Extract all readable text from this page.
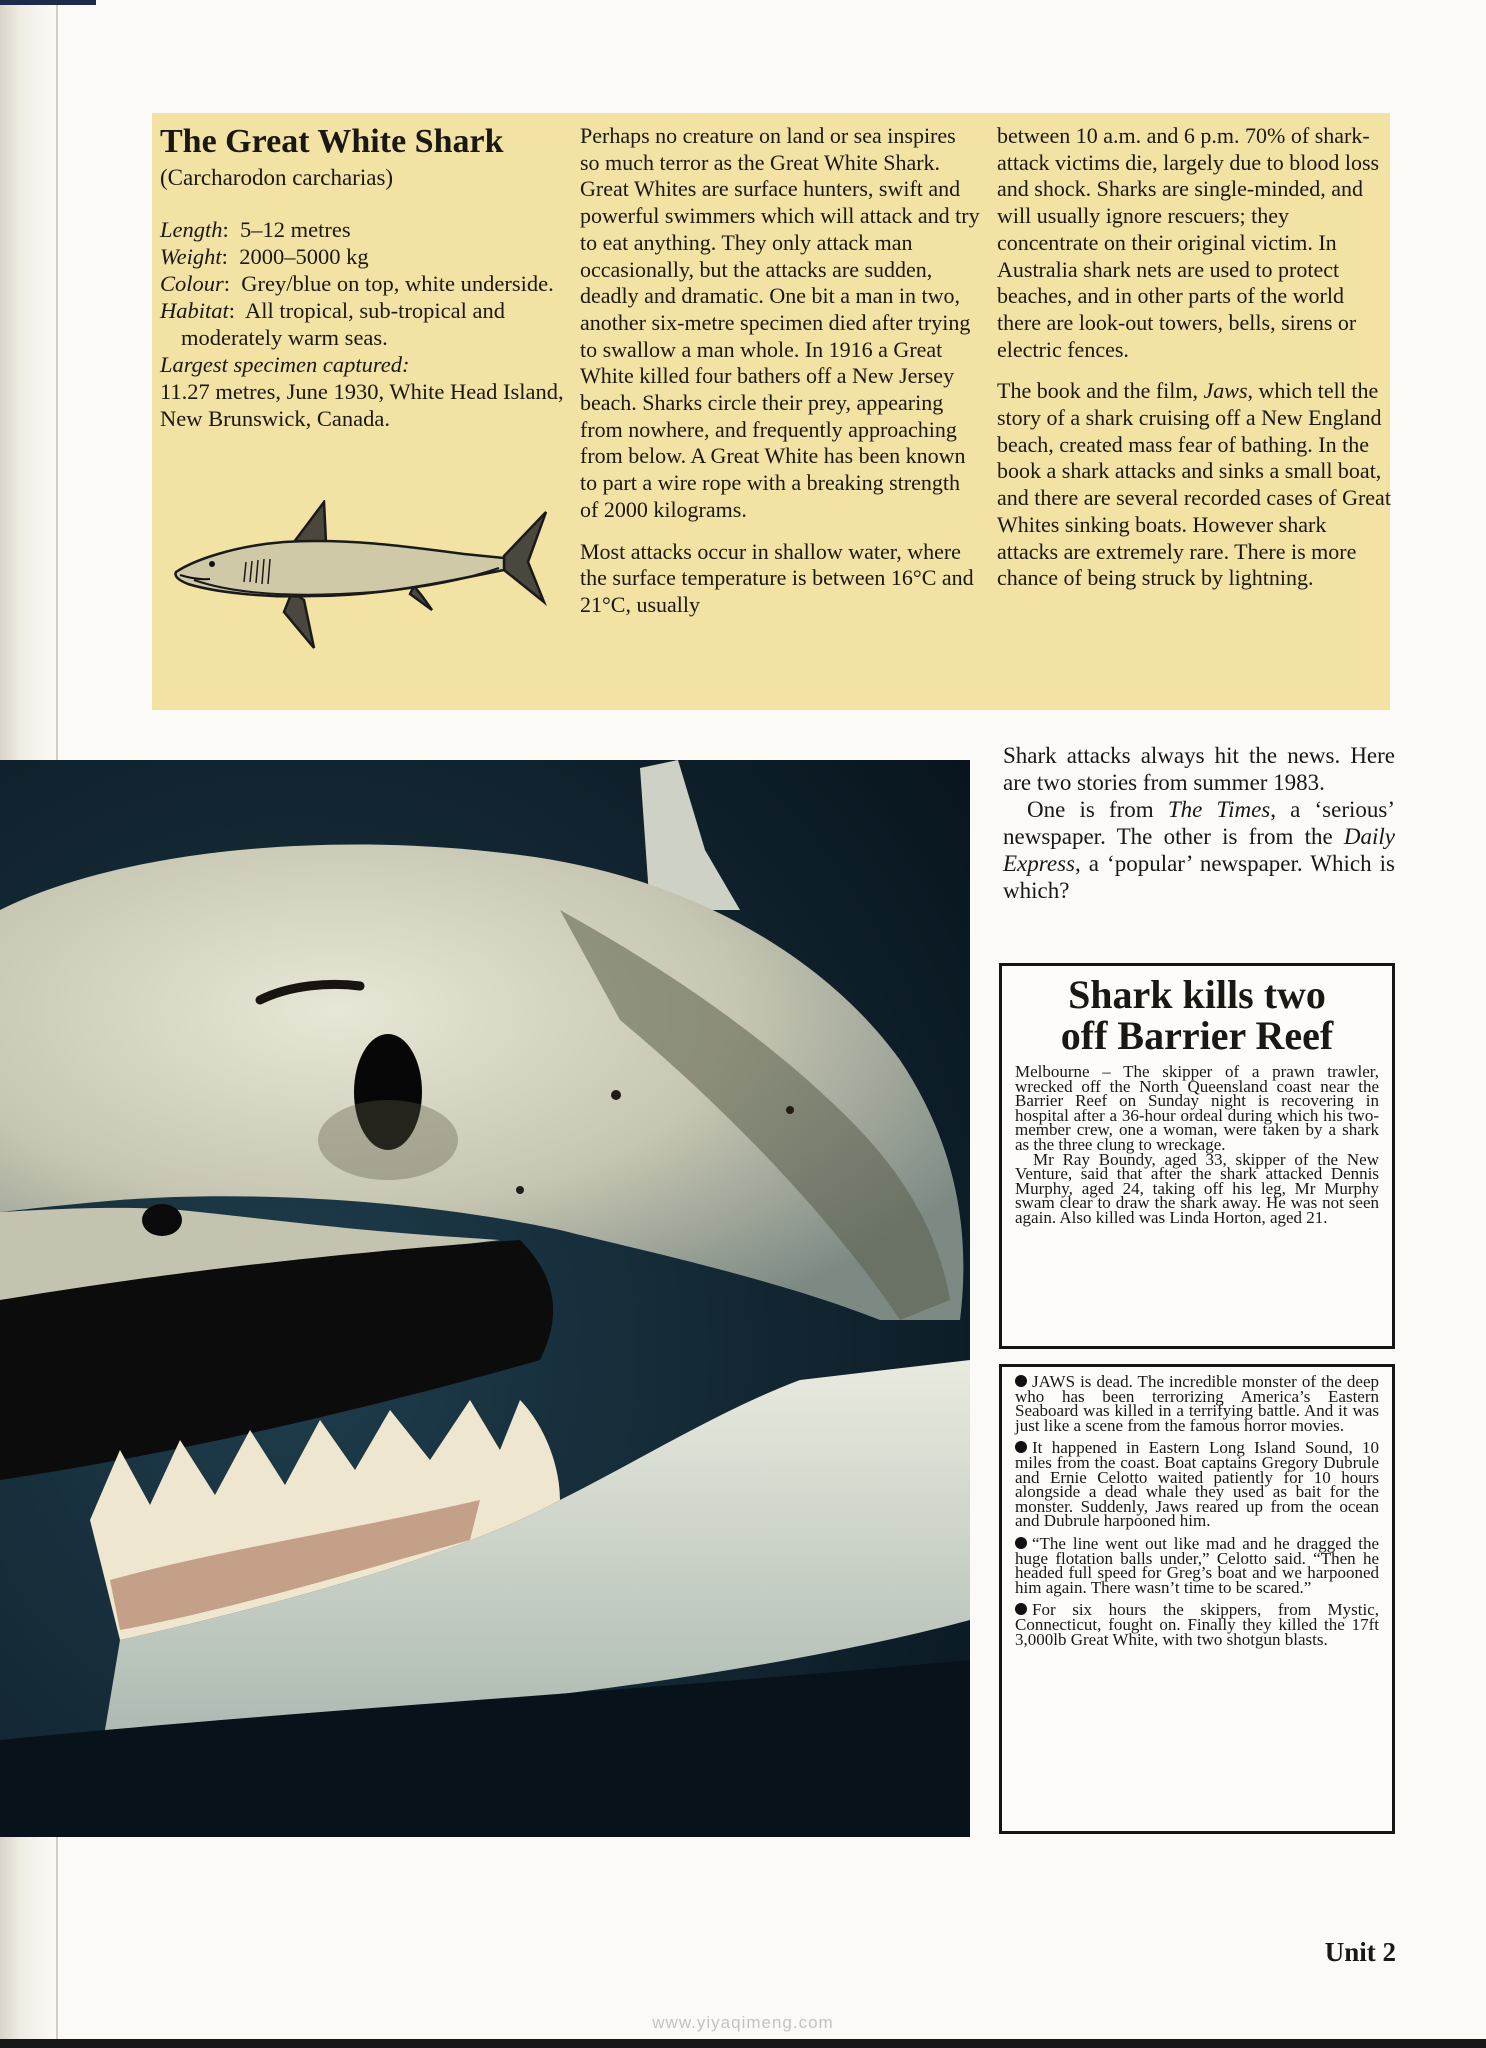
The Great White Shark
(Carcharodon carcharias)

Length:  5–12 metres

Weight:  2000–5000 kg

Colour:  Grey/blue on top, white underside.

Habitat:  All tropical, sub-tropical and moderately warm seas.

Largest specimen captured:
11.27 metres, June 1930, White Head Island, New Brunswick, Canada.

Perhaps no creature on land or sea inspires so much terror as the Great White Shark. Great Whites are surface hunters, swift and powerful swimmers which will attack and try to eat anything. They only attack man occasionally, but the attacks are sudden, deadly and dramatic. One bit a man in two, another six-metre specimen died after trying to swallow a man whole. In 1916 a Great White killed four bathers off a New Jersey beach. Sharks circle their prey, appearing from nowhere, and frequently approaching from below. A Great White has been known to part a wire rope with a breaking strength of 2000 kilograms.

Most attacks occur in shallow water, where the surface temperature is between 16°C and 21°C, usually

between 10 a.m. and 6 p.m. 70% of shark-attack victims die, largely due to blood loss and shock. Sharks are single-minded, and will usually ignore rescuers; they concentrate on their original victim. In Australia shark nets are used to protect beaches, and in other parts of the world there are look-out towers, bells, sirens or electric fences.

The book and the film, Jaws, which tell the story of a shark cruising off a New England beach, created mass fear of bathing. In the book a shark attacks and sinks a small boat, and there are several recorded cases of Great Whites sinking boats. However shark attacks are extremely rare. There is more chance of being struck by lightning.

Shark attacks always hit the news. Here are two stories from summer 1983.

One is from The Times, a ‘serious’ newspaper. The other is from the Daily Express, a ‘popular’ newspaper. Which is which?

Shark kills two
off Barrier Reef

Melbourne – The skipper of a prawn trawler, wrecked off the North Queensland coast near the Barrier Reef on Sunday night is recovering in hospital after a 36-hour ordeal during which his two-member crew, one a woman, were taken by a shark as the three clung to wreckage.

Mr Ray Boundy, aged 33, skipper of the New Venture, said that after the shark attacked Dennis Murphy, aged 24, taking off his leg, Mr Murphy swam clear to draw the shark away. He was not seen again. Also killed was Linda Horton, aged 21.

JAWS is dead. The incredible monster of the deep who has been terrorizing America’s Eastern Seaboard was killed in a terrifying battle. And it was just like a scene from the famous horror movies.

It happened in Eastern Long Island Sound, 10 miles from the coast. Boat captains Gregory Dubrule and Ernie Celotto waited patiently for 10 hours alongside a dead whale they used as bait for the monster. Suddenly, Jaws reared up from the ocean and Dubrule harpooned him.

“The line went out like mad and he dragged the huge flotation balls under,” Celotto said. “Then he headed full speed for Greg’s boat and we harpooned him again. There wasn’t time to be scared.”

For six hours the skippers, from Mystic, Connecticut, fought on. Finally they killed the 17ft 3,000lb Great White, with two shotgun blasts.

Unit 2
www.yiyaqimeng.com
